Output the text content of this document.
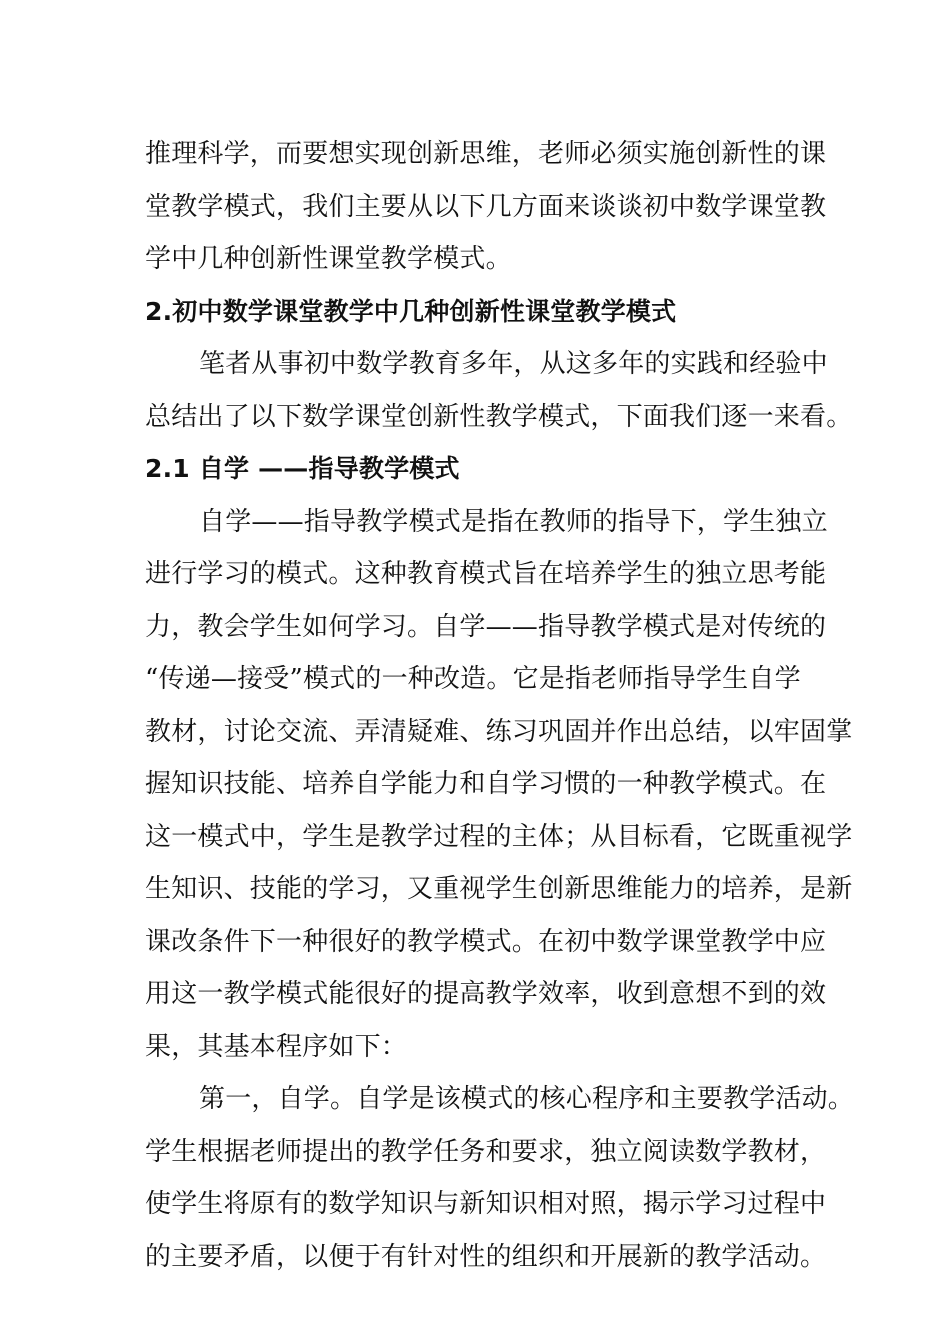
推理科学，而要想实现创新思维，老师必须实施创新性的课
堂教学模式，我们主要从以下几方面来谈谈初中数学课堂教
学中几种创新性课堂教学模式。
2.初中数学课堂教学中几种创新性课堂教学模式
笔者从事初中数学教育多年，从这多年的实践和经验中
总结出了以下数学课堂创新性教学模式，下面我们逐一来看。
2.1 自学 ——指导教学模式
自学——指导教学模式是指在教师的指导下，学生独立
进行学习的模式。这种教育模式旨在培养学生的独立思考能
力，教会学生如何学习。自学——指导教学模式是对传统的
“传递—接受”模式的一种改造。它是指老师指导学生自学
教材，讨论交流、弄清疑难、练习巩固并作出总结，以牢固掌
握知识技能、培养自学能力和自学习惯的一种教学模式。在
这一模式中，学生是教学过程的主体；从目标看，它既重视学
生知识、技能的学习，又重视学生创新思维能力的培养，是新
课改条件下一种很好的教学模式。在初中数学课堂教学中应
用这一教学模式能很好的提高教学效率，收到意想不到的效
果，其基本程序如下：
第一，自学。自学是该模式的核心程序和主要教学活动。
学生根据老师提出的教学任务和要求，独立阅读数学教材，
使学生将原有的数学知识与新知识相对照，揭示学习过程中
的主要矛盾，以便于有针对性的组织和开展新的教学活动。
